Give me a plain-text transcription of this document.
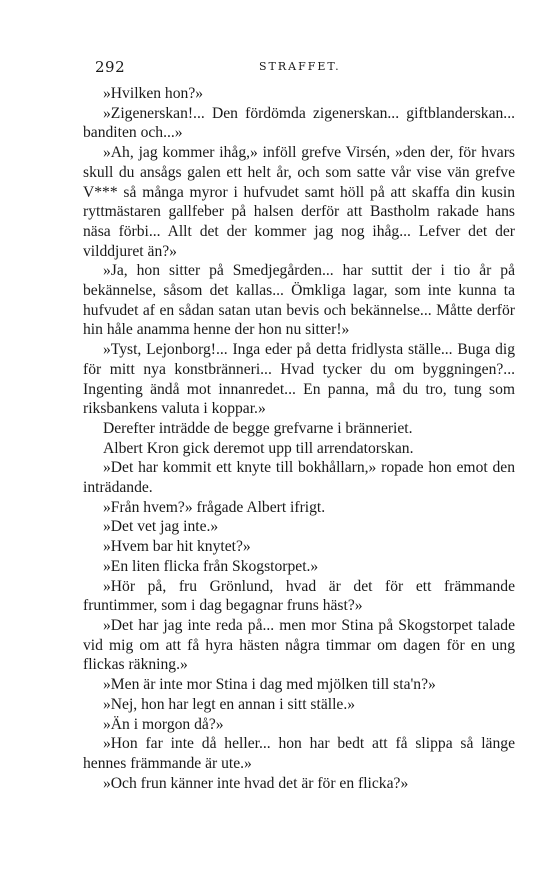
292	STRAFFET.

»Hvilken hon?»

»Zigenerskan!... Den fördömda zigenerskan... giftblanderskan... banditen och...»

»Ah, jag kommer ihåg,» inföll grefve Virsén, »den der, för hvars skull du ansågs galen ett helt år, och som satte vår vise vän grefve V*** så många myror i hufvudet samt höll på att skaffa din kusin ryttmästaren gallfeber på halsen derför att Bastholm rakade hans näsa förbi... Allt det der kommer jag nog ihåg... Lefver det der vilddjuret än?»

»Ja, hon sitter på Smedjegården... har suttit der i tio år på bekännelse, såsom det kallas... Ömkliga lagar, som inte kunna ta hufvudet af en sådan satan utan bevis och bekännelse... Måtte derför hin håle anamma henne der hon nu sitter!»

»Tyst, Lejonborg!... Inga eder på detta fridlysta ställe... Buga dig för mitt nya konstbränneri... Hvad tycker du om byggningen?... Ingenting ändå mot innanredet... En panna, må du tro, tung som riksbankens valuta i koppar.»

Derefter inträdde de begge grefvarne i bränneriet.

Albert Kron gick deremot upp till arrendatorskan.

»Det har kommit ett knyte till bokhållarn,» ropade hon emot den inträdande.

»Från hvem?» frågade Albert ifrigt.

»Det vet jag inte.»

»Hvem bar hit knytet?»

»En liten flicka från Skogstorpet.»

»Hör på, fru Grönlund, hvad är det för ett främmande fruntimmer, som i dag begagnar fruns häst?»

»Det har jag inte reda på... men mor Stina på Skogstorpet talade vid mig om att få hyra hästen några timmar om dagen för en ung flickas räkning.»

»Men är inte mor Stina i dag med mjölken till sta'n?»

»Nej, hon har legt en annan i sitt ställe.»

»Än i morgon då?»

»Hon far inte då heller... hon har bedt att få slippa så länge hennes främmande är ute.»

»Och frun känner inte hvad det är för en flicka?»
